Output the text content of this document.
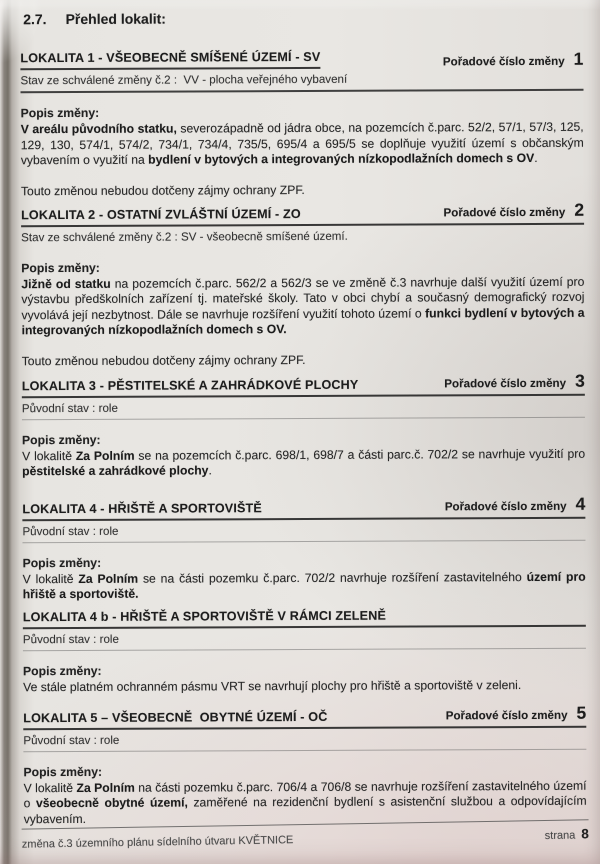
2.7. Přehled lokalit:
LOKALITA 1 - VŠEOBECNĚ SMÍŠENÉ ÚZEMÍ - SV	Pořadové číslo změny 1
Stav ze schválené změny č.2 :  VV - plocha veřejného vybavení
Popis změny:

V areálu původního statku, severozápadně od jádra obce, na pozemcích č.parc. 52/2, 57/1, 57/3, 125, 129, 130, 574/1, 574/2, 734/1, 734/4, 735/5, 695/4 a 695/5 se doplňuje využití území s občanským vybavením o využití na bydlení v bytových a integrovaných nízkopodlažních domech s OV.

Touto změnou nebudou dotčeny zájmy ochrany ZPF.

LOKALITA 2 - OSTATNÍ ZVLÁŠTNÍ ÚZEMÍ - ZO	Pořadové číslo změny 2
Stav ze schválené změny č.2 : SV - všeobecně smíšené území.
Popis změny:

Jižně od statku na pozemcích č.parc. 562/2 a 562/3 se ve změně č.3 navrhuje další využití území pro výstavbu předškolních zařízení tj. mateřské školy. Tato v obci chybí a současný demografický rozvoj vyvolává její nezbytnost. Dále se navrhuje rozšíření využití tohoto území o funkci bydlení v bytových a integrovaných nízkopodlažních domech s OV.

Touto změnou nebudou dotčeny zájmy ochrany ZPF.

LOKALITA 3 - PĚSTITELSKÉ A ZAHRÁDKOVÉ PLOCHY	Pořadové číslo změny 3
Původní stav : role
Popis změny:

V lokalitě Za Polním se na pozemcích č.parc. 698/1, 698/7 a části parc.č. 702/2 se navrhuje využití pro pěstitelské a zahrádkové plochy.

LOKALITA 4 - HŘIŠTĚ A SPORTOVIŠTĚ	Pořadové číslo změny 4
Původní stav : role
Popis změny:

V lokalitě Za Polním se na části pozemku č.parc. 702/2 navrhuje rozšíření zastavitelného území pro hřiště a sportoviště.

LOKALITA 4 b - HŘIŠTĚ A SPORTOVIŠTĚ V RÁMCI ZELENĚ
Původní stav : role
Popis změny:

Ve stále platném ochranném pásmu VRT se navrhují plochy pro hřiště a sportoviště v zeleni.

LOKALITA 5 – VŠEOBECNĚ  OBYTNÉ ÚZEMÍ - OČ	Pořadové číslo změny 5
Původní stav : role
Popis změny:

V lokalitě Za Polním na části pozemku č.parc. 706/4 a 706/8 se navrhuje rozšíření zastavitelného území o všeobecně obytné území, zaměřené na rezidenční bydlení s asistenční službou a odpovídajícím vybavením.

změna č.3 územního plánu sídelního útvaru KVĚTNICE	strana 8
